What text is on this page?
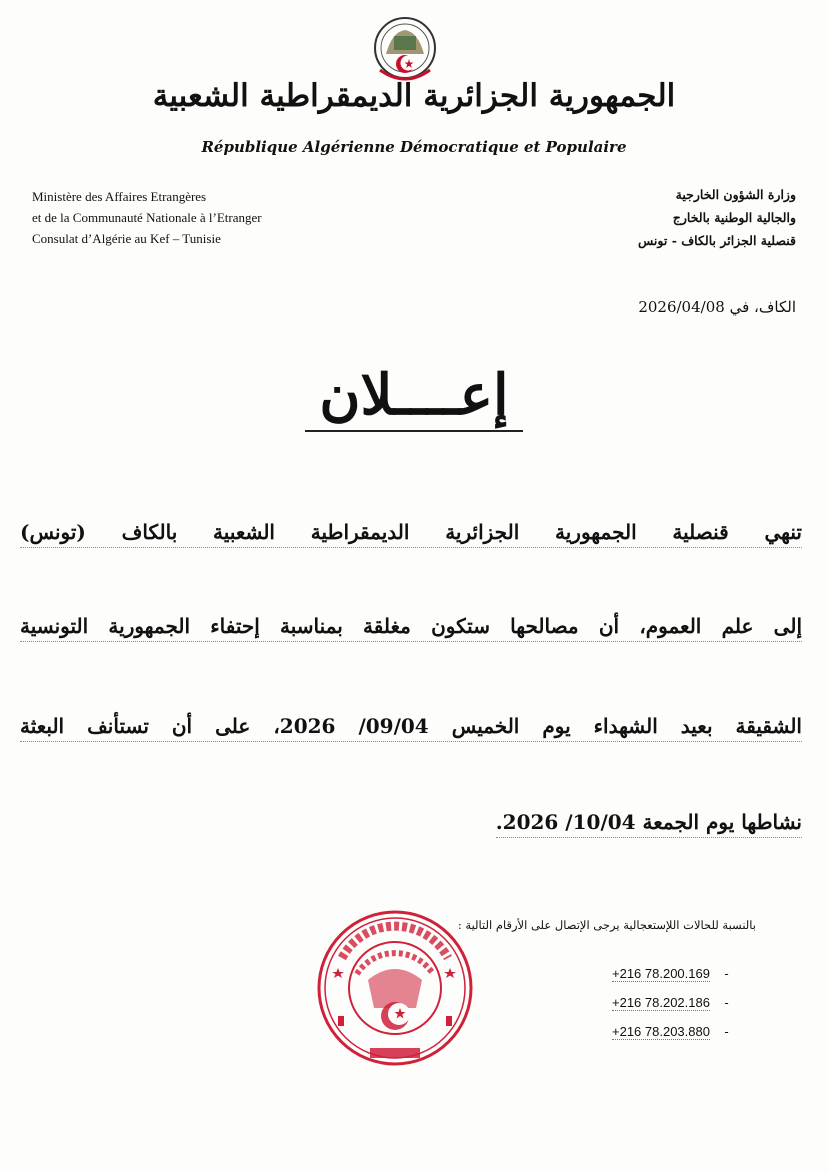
الجمهورية الجزائرية الديمقراطية الشعبية
République Algérienne Démocratique et Populaire
Ministère des Affaires Etrangères
et de la Communauté Nationale à l’Etranger
Consulat d’Algérie au Kef – Tunisie
وزارة الشؤون الخارجية
والجالية الوطنية بالخارج
قنصلية الجزائر بالكاف - تونس
الكاف، في 2026/04/08
إعــــلان
تنهي قنصلية الجمهورية الجزائرية الديمقراطية الشعبية بالكاف (تونس)
إلى علم العموم، أن مصالحها ستكون مغلقة بمناسبة إحتفاء الجمهورية التونسية
الشقيقة بعيد الشهداء يوم الخميس 09/04/ 2026، على أن تستأنف البعثة
نشاطها يوم الجمعة 10/04/ 2026.
بالنسبة للحالات اللإستعجالية يرجى الإتصال على الأرقام التالية :
+216 78.200.169    -
+216 78.202.186    -
+216 78.203.880    -
